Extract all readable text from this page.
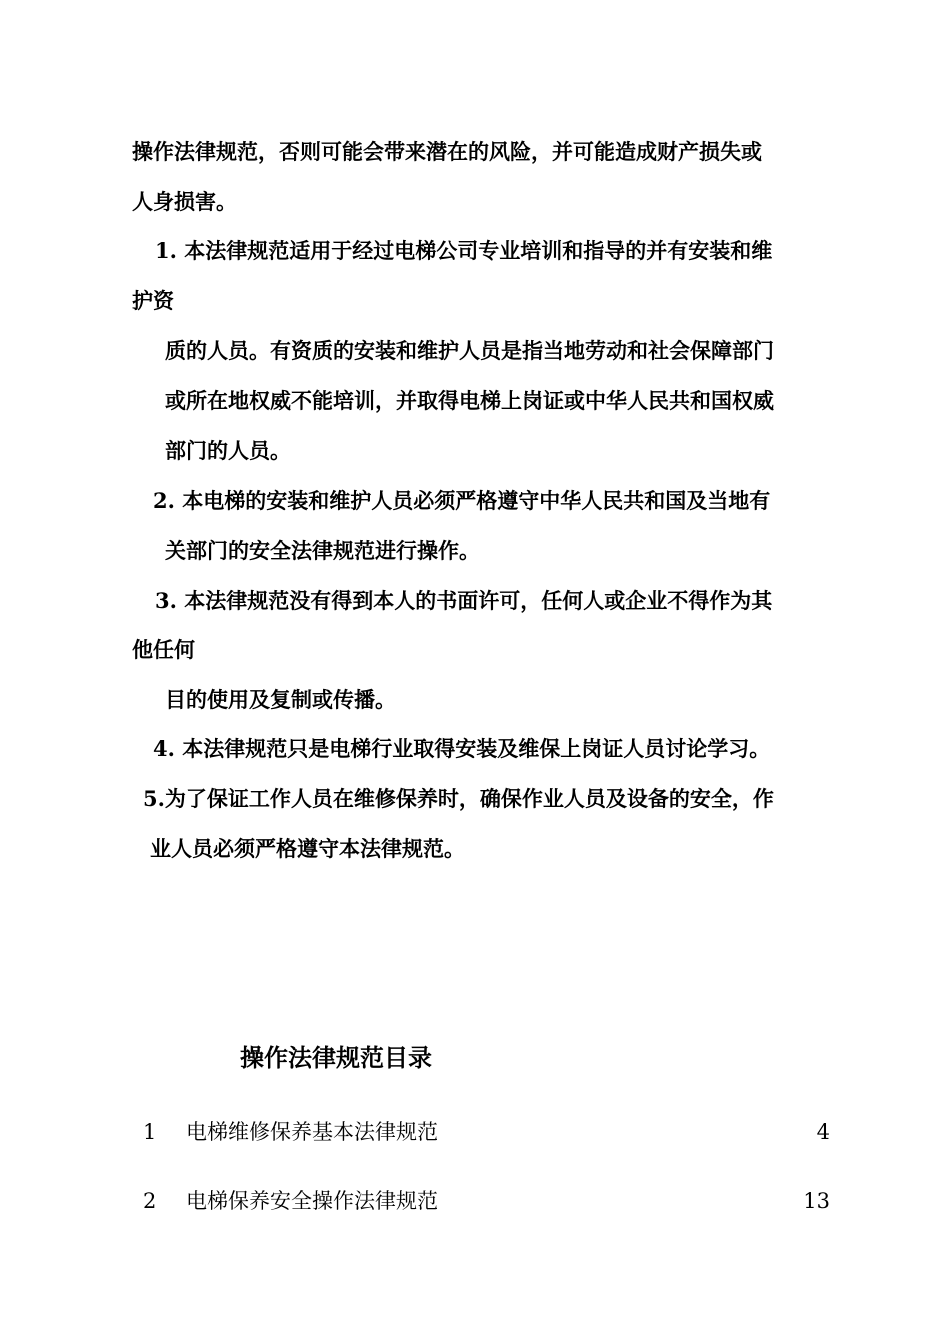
操作法律规范，否则可能会带来潜在的风险，并可能造成财产损失或
人身损害。
1. 本法律规范适用于经过电梯公司专业培训和指导的并有安装和维
护资
质的人员。有资质的安装和维护人员是指当地劳动和社会保障部门
或所在地权威不能培训，并取得电梯上岗证或中华人民共和国权威
部门的人员。
2. 本电梯的安装和维护人员必须严格遵守中华人民共和国及当地有
关部门的安全法律规范进行操作。
3. 本法律规范没有得到本人的书面许可，任何人或企业不得作为其
他任何
目的使用及复制或传播。
4. 本法律规范只是电梯行业取得安装及维保上岗证人员讨论学习。
5.为了保证工作人员在维修保养时，确保作业人员及设备的安全，作
业人员必须严格遵守本法律规范。
操作法律规范目录
1 电梯维修保养基本法律规范	4
2 电梯保养安全操作法律规范	13
